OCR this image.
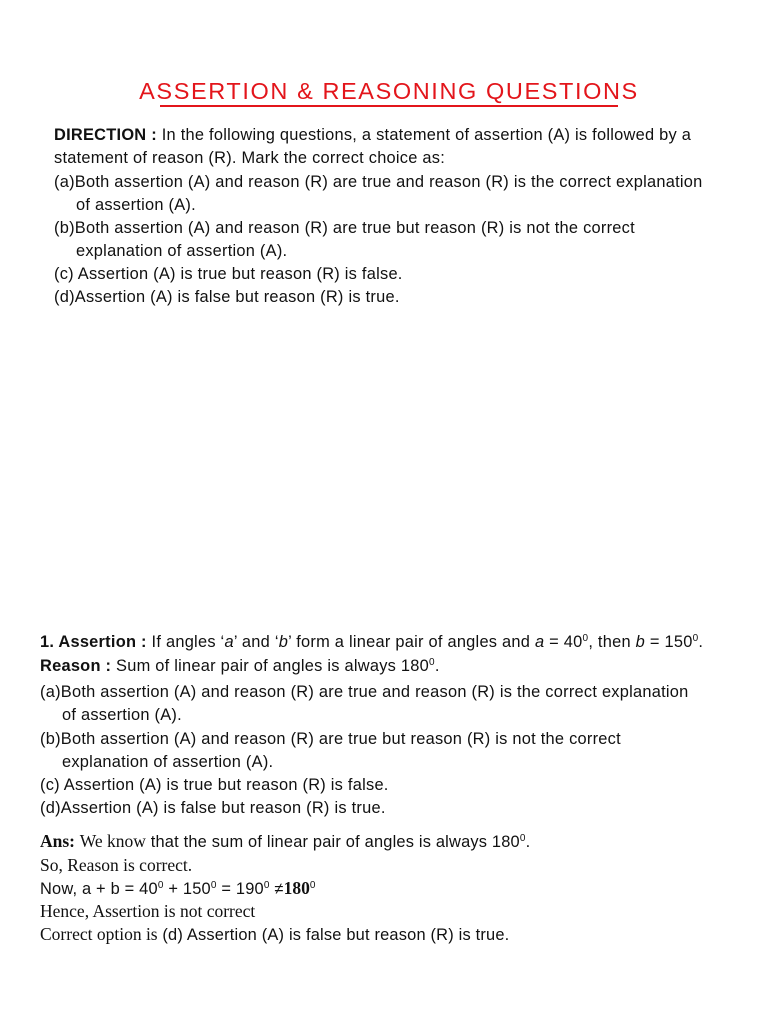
ASSERTION & REASONING QUESTIONS
DIRECTION : In the following questions, a statement of assertion (A) is followed by a
statement of reason (R). Mark the correct choice as:
(a)Both assertion (A) and reason (R) are true and reason (R) is the correct explanation
of assertion (A).
(b)Both assertion (A) and reason (R) are true but reason (R) is not the correct
explanation of assertion (A).
(c) Assertion (A) is true but reason (R) is false.
(d)Assertion (A) is false but reason (R) is true.
1. Assertion : If angles ‘a’ and ‘b’ form a linear pair of angles and $a = 40^0$, then $b = 150^0$.
Reason : Sum of linear pair of angles is always $180^0$.
(a)Both assertion (A) and reason (R) are true and reason (R) is the correct explanation
of assertion (A).
(b)Both assertion (A) and reason (R) are true but reason (R) is not the correct
explanation of assertion (A).
(c) Assertion (A) is true but reason (R) is false.
(d)Assertion (A) is false but reason (R) is true.
Ans: We know that the sum of linear pair of angles is always $180^0$.
So, Reason is correct.
Now, $a + b = 40^0 + 150^0 = 190^0 \ne 180^0$
Hence, Assertion is not correct
Correct option is (d) Assertion (A) is false but reason (R) is true.
